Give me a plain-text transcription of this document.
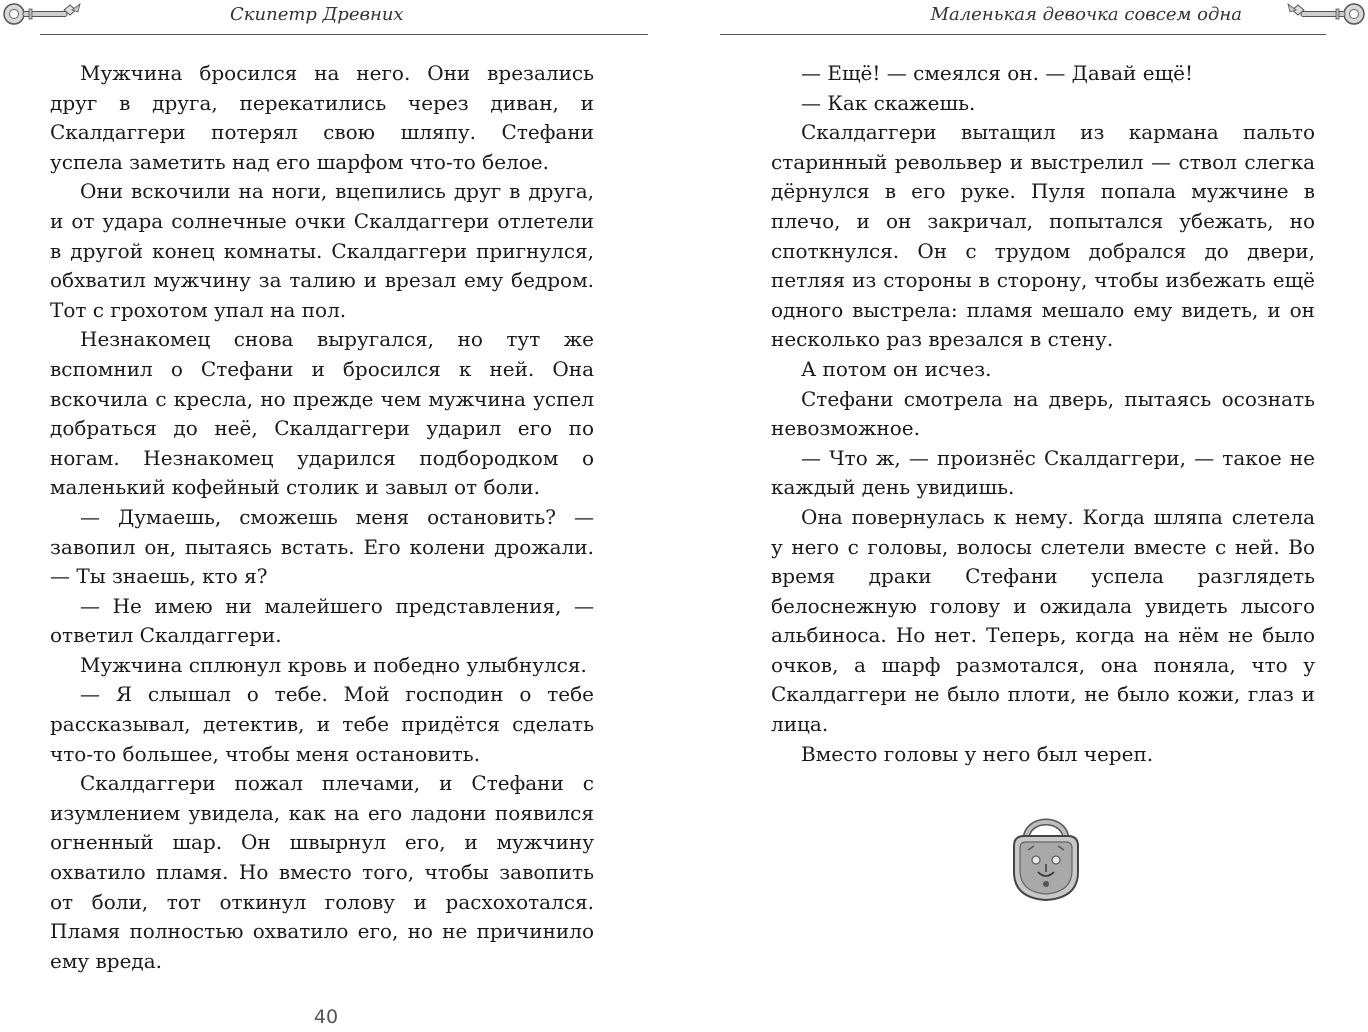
Скипетр Древних

Мужчина бросился на него. Они врезались друг в друга, перекатились через диван, и Скалдаггери потерял свою шляпу. Стефани успела заметить над его шарфом что-то белое.

Они вскочили на ноги, вцепились друг в друга, и от удара солнечные очки Скалдаггери отлетели в другой конец комнаты. Скалдаггери пригнулся, обхватил мужчину за талию и врезал ему бедром. Тот с грохотом упал на пол.

Незнакомец снова выругался, но тут же вспомнил о Стефани и бросился к ней. Она вскочила с кресла, но прежде чем мужчина успел добраться до неё, Скалдаггери ударил его по ногам. Незнакомец ударился подбородком о маленький кофейный столик и завыл от боли.

— Думаешь, сможешь меня остановить? — завопил он, пытаясь встать. Его колени дрожали. — Ты знаешь, кто я?

— Не имею ни малейшего представления, — ответил Скалдаггери.

Мужчина сплюнул кровь и победно улыбнулся.

— Я слышал о тебе. Мой господин о тебе рассказывал, детектив, и тебе придётся сделать что-то большее, чтобы меня остановить.

Скалдаггери пожал плечами, и Стефани с изумлением увидела, как на его ладони появился огненный шар. Он швырнул его, и мужчину охватило пламя. Но вместо того, чтобы завопить от боли, тот откинул голову и расхохотался. Пламя полностью охватило его, но не причинило ему вреда.

40
Маленькая девочка совсем одна

— Ещё! — смеялся он. — Давай ещё!

— Как скажешь.

Скалдаггери вытащил из кармана пальто старинный револьвер и выстрелил — ствол слегка дёрнулся в его руке. Пуля попала мужчине в плечо, и он закричал, попытался убежать, но споткнулся. Он с трудом добрался до двери, петляя из стороны в сторону, чтобы избежать ещё одного выстрела: пламя мешало ему видеть, и он несколько раз врезался в стену.

А потом он исчез.

Стефани смотрела на дверь, пытаясь осознать невозможное.

— Что ж, — произнёс Скалдаггери, — такое не каждый день увидишь.

Она повернулась к нему. Когда шляпа слетела у него с головы, волосы слетели вместе с ней. Во время драки Стефани успела разглядеть белоснежную голову и ожидала увидеть лысого альбиноса. Но нет. Теперь, когда на нём не было очков, а шарф размотался, она поняла, что у Скалдаггери не было плоти, не было кожи, глаз и лица.

Вместо головы у него был череп.
